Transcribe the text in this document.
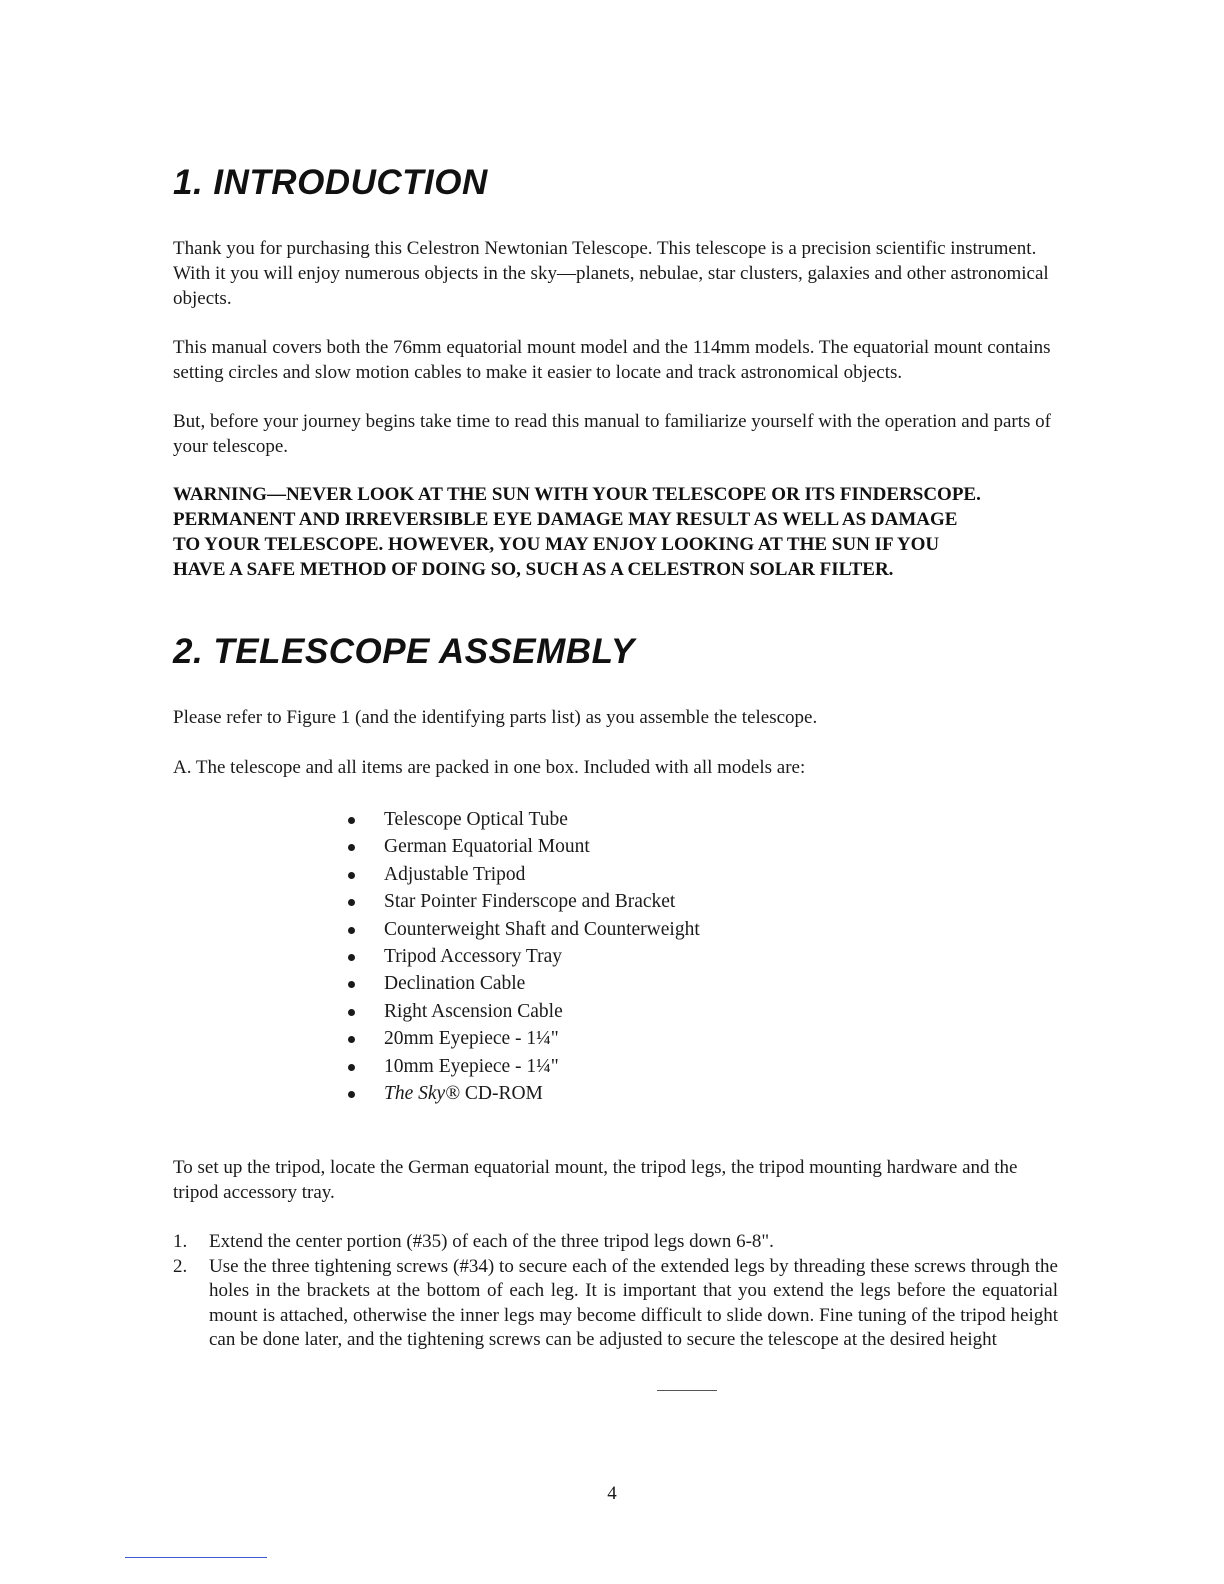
1. INTRODUCTION

Thank you for purchasing this Celestron Newtonian Telescope. This telescope is a precision scientific instrument. With it you will enjoy numerous objects in the sky—planets, nebulae, star clusters, galaxies and other astronomical objects.

This manual covers both the 76mm equatorial mount model and the 114mm models. The equatorial mount contains setting circles and slow motion cables to make it easier to locate and track astronomical objects.

But, before your journey begins take time to read this manual to familiarize yourself with the operation and parts of your telescope.

WARNING—NEVER LOOK AT THE SUN WITH YOUR TELESCOPE OR ITS FINDERSCOPE.
PERMANENT AND IRREVERSIBLE EYE DAMAGE MAY RESULT AS WELL AS DAMAGE
TO YOUR TELESCOPE. HOWEVER, YOU MAY ENJOY LOOKING AT THE SUN IF YOU
HAVE A SAFE METHOD OF DOING SO, SUCH AS A CELESTRON SOLAR FILTER.
2. TELESCOPE ASSEMBLY

Please refer to Figure 1 (and the identifying parts list) as you assemble the telescope.

A. The telescope and all items are packed in one box. Included with all models are:

Telescope Optical Tube
German Equatorial Mount
Adjustable Tripod
Star Pointer Finderscope and Bracket
Counterweight Shaft and Counterweight
Tripod Accessory Tray
Declination Cable
Right Ascension Cable
20mm Eyepiece - 1¼"
10mm Eyepiece - 1¼"
The Sky® CD-ROM

To set up the tripod, locate the German equatorial mount, the tripod legs, the tripod mounting hardware and the tripod accessory tray.

1. Extend the center portion (#35) of each of the three tripod legs down 6-8".
2. Use the three tightening screws (#34) to secure each of the extended legs by threading these screws through the holes in the brackets at the bottom of each leg. It is important that you extend the legs before the equatorial mount is attached, otherwise the inner legs may become difficult to slide down. Fine tuning of the tripod height can be done later, and the tightening screws can be adjusted to secure the telescope at the desired height
4
